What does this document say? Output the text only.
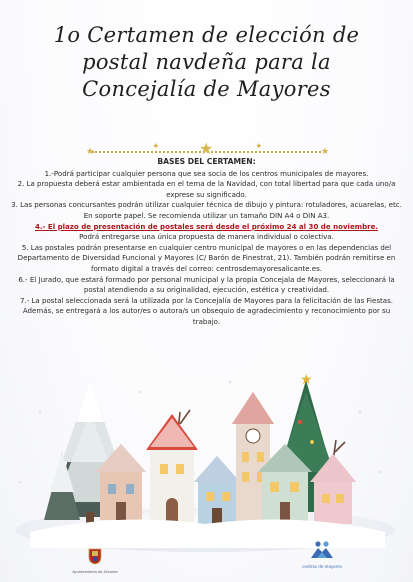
1o Certamen de elección de
postal navdeña para la
Concejalía de Mayores
★	✦ ★	✦	★

BASES DEL CERTAMEN:

1.-Podrá participar cualquier persona que sea socia de los centros municipales de mayores.

2. La propuesta deberá estar ambientada en el tema de la Navidad, con total libertad para que cada uno/a exprese su significado.

3. Las personas concursantes podrán utilizar cualquier técnica de dibujo y pintura: rotuladores, acuarelas, etc. En soporte papel. Se recomienda utilizar un tamaño DIN A4 o DIN A3.

4.- El plazo de presentación de postales será desde el próximo 24 al 30 de noviembre.

Podrá entregarse una única propuesta de manera individual o colectiva.

5. Las postales podrán presentarse en cualquier centro municipal de mayores o en las dependencias del Departamento de Diversidad Funcional y Mayores (C/ Barón de Finestrat, 21). También podrán remitirse en formato digital a través del correo: centrosdemayoresalicante.es.

6.- El Jurado, que estará formado por personal municipal y la propia Concejala de Mayores, seleccionará la postal atendiendo a su originalidad, ejecución, estética y creatividad.

7.- La postal seleccionada será la utilizada por la Concejalía de Mayores para la felicitación de las Fiestas. Además, se entregará a los autor/es o autora/s un obsequio de agradecimiento y reconocimiento por su trabajo.

★
Ayuntamiento de Alicante
centros de mayores
